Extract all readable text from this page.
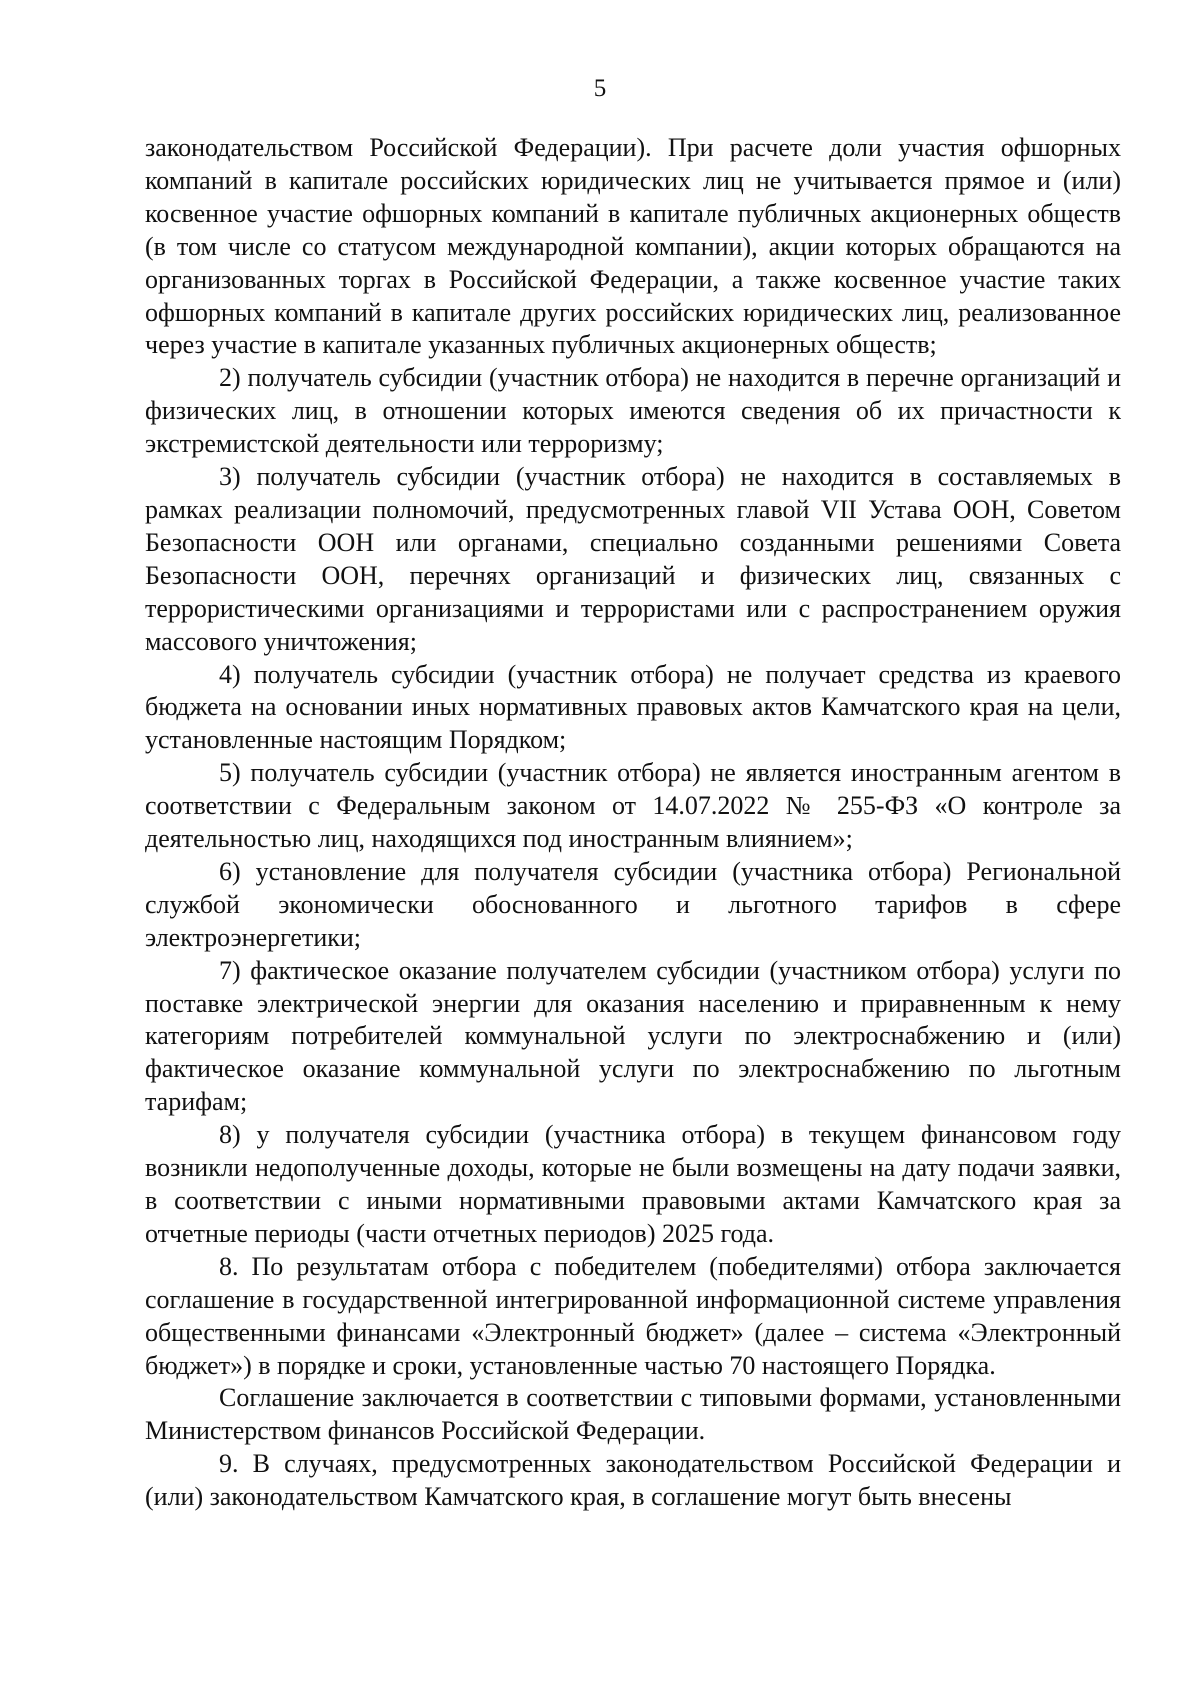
5

законодательством Российской Федерации). При расчете доли участия офшорных компаний в капитале российских юридических лиц не учитывается прямое и (или) косвенное участие офшорных компаний в капитале публичных акционерных обществ (в том числе со статусом международной компании), акции которых обращаются на организованных торгах в Российской Федерации, а также косвенное участие таких офшорных компаний в капитале других российских юридических лиц, реализованное через участие в капитале указанных публичных акционерных обществ;

2) получатель субсидии (участник отбора) не находится в перечне организаций и физических лиц, в отношении которых имеются сведения об их причастности к экстремистской деятельности или терроризму;

3) получатель субсидии (участник отбора) не находится в составляемых в рамках реализации полномочий, предусмотренных главой VII Устава ООН, Советом Безопасности ООН или органами, специально созданными решениями Совета Безопасности ООН, перечнях организаций и физических лиц, связанных с террористическими организациями и террористами или с распространением оружия массового уничтожения;

4) получатель субсидии (участник отбора) не получает средства из краевого бюджета на основании иных нормативных правовых актов Камчатского края на цели, установленные настоящим Порядком;

5) получатель субсидии (участник отбора) не является иностранным агентом в соответствии с Федеральным законом от 14.07.2022 № 255-ФЗ «О контроле за деятельностью лиц, находящихся под иностранным влиянием»;

6) установление для получателя субсидии (участника отбора) Региональной службой экономически обоснованного и льготного тарифов в сфере электроэнергетики;

7) фактическое оказание получателем субсидии (участником отбора) услуги по поставке электрической энергии для оказания населению и приравненным к нему категориям потребителей коммунальной услуги по электроснабжению и (или) фактическое оказание коммунальной услуги по электроснабжению по льготным тарифам;

8) у получателя субсидии (участника отбора) в текущем финансовом году возникли недополученные доходы, которые не были возмещены на дату подачи заявки, в соответствии с иными нормативными правовыми актами Камчатского края за отчетные периоды (части отчетных периодов) 2025 года.

8. По результатам отбора с победителем (победителями) отбора заключается соглашение в государственной интегрированной информационной системе управления общественными финансами «Электронный бюджет» (далее – система «Электронный бюджет») в порядке и сроки, установленные частью 70 настоящего Порядка.

Соглашение заключается в соответствии с типовыми формами, установленными Министерством финансов Российской Федерации.

9. В случаях, предусмотренных законодательством Российской Федерации и (или) законодательством Камчатского края, в соглашение могут быть внесены
